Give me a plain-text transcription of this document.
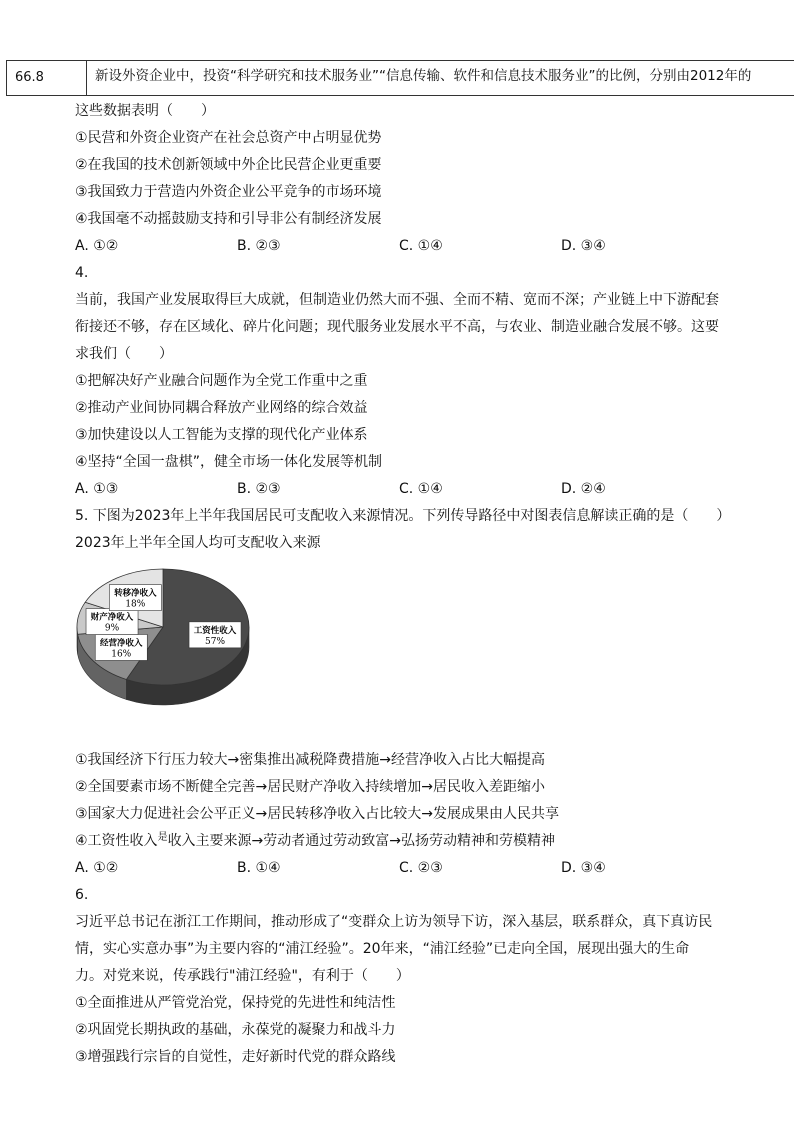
66.8	新设外资企业中，投资“科学研究和技术服务业”“信息传输、软件和信息技术服务业”的比例，分别由2012年的
这些数据表明（　　）
①民营和外资企业资产在社会总资产中占明显优势
②在我国的技术创新领域中外企比民营企业更重要
③我国致力于营造内外资企业公平竞争的市场环境
④我国毫不动摇鼓励支持和引导非公有制经济发展
A. ①②	B. ②③	C. ①④	D. ③④
4.
当前，我国产业发展取得巨大成就，但制造业仍然大而不强、全而不精、宽而不深；产业链上中下游配套
衔接还不够，存在区域化、碎片化问题；现代服务业发展水平不高，与农业、制造业融合发展不够。这要
求我们（　　）
①把解决好产业融合问题作为全党工作重中之重
②推动产业间协同耦合释放产业网络的综合效益
③加快建设以人工智能为支撑的现代化产业体系
④坚持“全国一盘棋”，健全市场一体化发展等机制
A. ①③	B. ②③	C. ①④	D. ②④
5. 下图为2023年上半年我国居民可支配收入来源情况。下列传导路径中对图表信息解读正确的是（　　）
2023年上半年全国人均可支配收入来源
工资性收入
57%
经营净收入
16%
财产净收入
9%
转移净收入
18%
①我国经济下行压力较大→密集推出减税降费措施→经营净收入占比大幅提高
②全国要素市场不断健全完善→居民财产净收入持续增加→居民收入差距缩小
③国家大力促进社会公平正义→居民转移净收入占比较大→发展成果由人民共享
④工资性收入$^是$收入主要来源→劳动者通过劳动致富→弘扬劳动精神和劳模精神
A. ①②	B. ①④	C. ②③	D. ③④
6.
习近平总书记在浙江工作期间，推动形成了“变群众上访为领导下访，深入基层，联系群众，真下真访民
情，实心实意办事”为主要内容的“浦江经验”。20年来，“浦江经验”已走向全国，展现出强大的生命
力。对党来说，传承践行"浦江经验"，有利于（　　）
①全面推进从严管党治党，保持党的先进性和纯洁性
②巩固党长期执政的基础，永葆党的凝聚力和战斗力
③增强践行宗旨的自觉性，走好新时代党的群众路线
